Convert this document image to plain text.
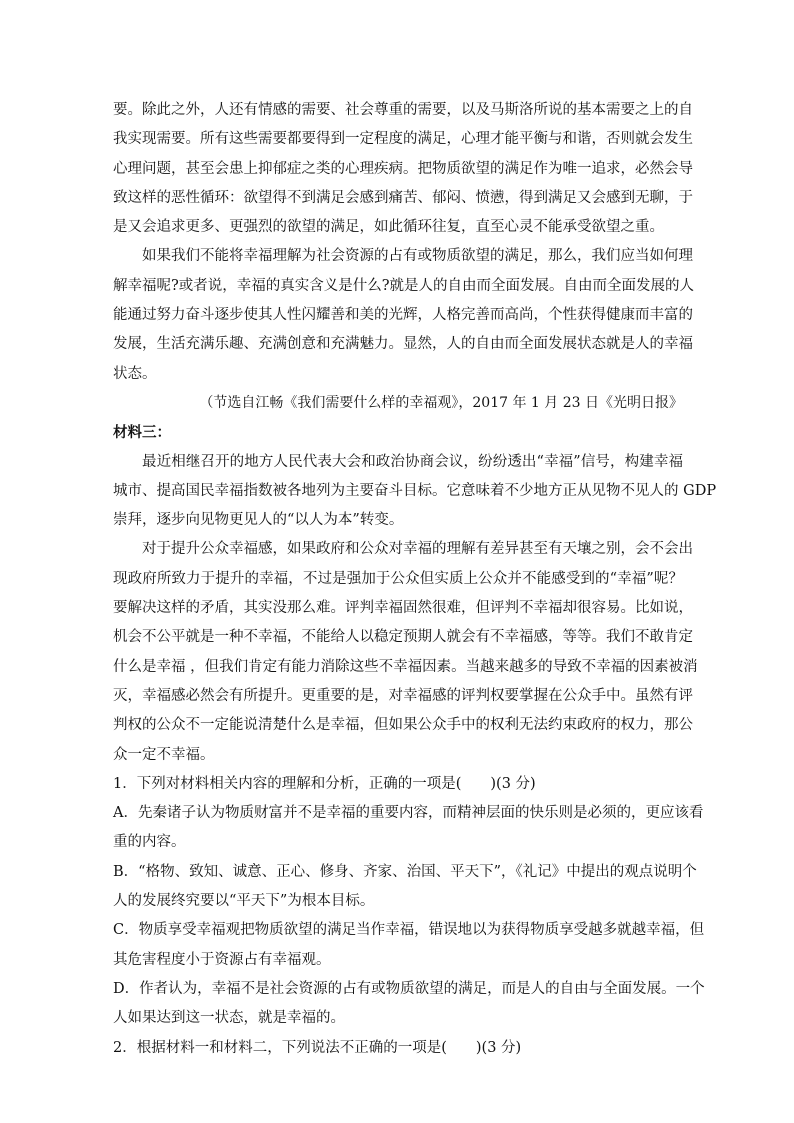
要。除此之外，人还有情感的需要、社会尊重的需要，以及马斯洛所说的基本需要之上的自
我实现需要。所有这些需要都要得到一定程度的满足，心理才能平衡与和谐，否则就会发生
心理问题，甚至会患上抑郁症之类的心理疾病。把物质欲望的满足作为唯一追求，必然会导
致这样的恶性循环：欲望得不到满足会感到痛苦、郁闷、愤懑，得到满足又会感到无聊，于
是又会追求更多、更强烈的欲望的满足，如此循环往复，直至心灵不能承受欲望之重。
如果我们不能将幸福理解为社会资源的占有或物质欲望的满足，那么，我们应当如何理
解幸福呢?或者说，幸福的真实含义是什么?就是人的自由而全面发展。自由而全面发展的人
能通过努力奋斗逐步使其人性闪耀善和美的光辉，人格完善而高尚，个性获得健康而丰富的
发展，生活充满乐趣、充满创意和充满魅力。显然，人的自由而全面发展状态就是人的幸福
状态。
（节选自江畅《我们需要什么样的幸福观》，2017 年 1 月 23 日《光明日报》
材料三：
最近相继召开的地方人民代表大会和政治协商会议，纷纷透出“幸福”信号，构建幸福
城市、提高国民幸福指数被各地列为主要奋斗目标。它意味着不少地方正从见物不见人的 GDP
崇拜，逐步向见物更见人的“以人为本”转变。
对于提升公众幸福感，如果政府和公众对幸福的理解有差异甚至有天壤之别，会不会出
现政府所致力于提升的幸福，不过是强加于公众但实质上公众并不能感受到的“幸福”呢？
要解决这样的矛盾，其实没那么难。评判幸福固然很难，但评判不幸福却很容易。比如说，
机会不公平就是一种不幸福，不能给人以稳定预期人就会有不幸福感，等等。我们不敢肯定
什么是幸福 ，但我们肯定有能力消除这些不幸福因素。当越来越多的导致不幸福的因素被消
灭，幸福感必然会有所提升。更重要的是，对幸福感的评判权要掌握在公众手中。虽然有评
判权的公众不一定能说清楚什么是幸福，但如果公众手中的权利无法约束政府的权力，那公
众一定不幸福。
1．下列对材料相关内容的理解和分析，正确的一项是(　　)(3 分)
A．先秦诸子认为物质财富并不是幸福的重要内容，而精神层面的快乐则是必须的，更应该看
重的内容。
B．“格物、致知、诚意、正心、修身、齐家、治国、平天下”，《礼记》中提出的观点说明个
人的发展终究要以“平天下”为根本目标。
C．物质享受幸福观把物质欲望的满足当作幸福，错误地以为获得物质享受越多就越幸福，但
其危害程度小于资源占有幸福观。
D．作者认为，幸福不是社会资源的占有或物质欲望的满足，而是人的自由与全面发展。一个
人如果达到这一状态，就是幸福的。
2．根据材料一和材料二，下列说法不正确的一项是(　　)(3 分)
